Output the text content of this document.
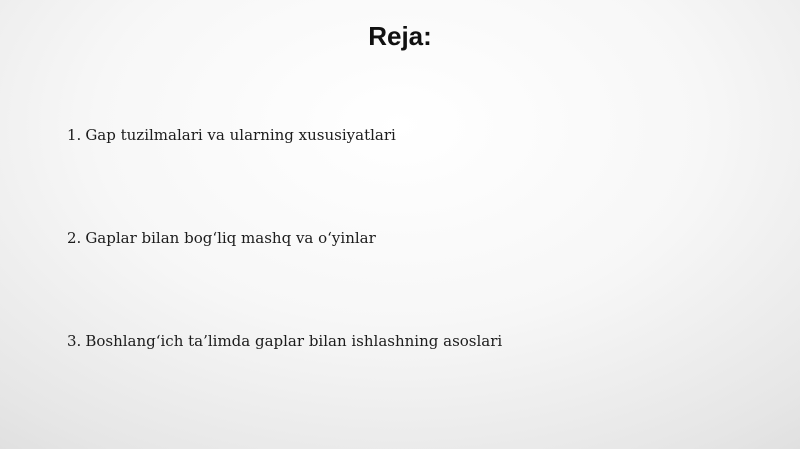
Reja:
1. Gap tuzilmalari va ularning xususiyatlari
2. Gaplar bilan bog‘liq mashq va o‘yinlar
3. Boshlang‘ich ta’limda gaplar bilan ishlashning asoslari
